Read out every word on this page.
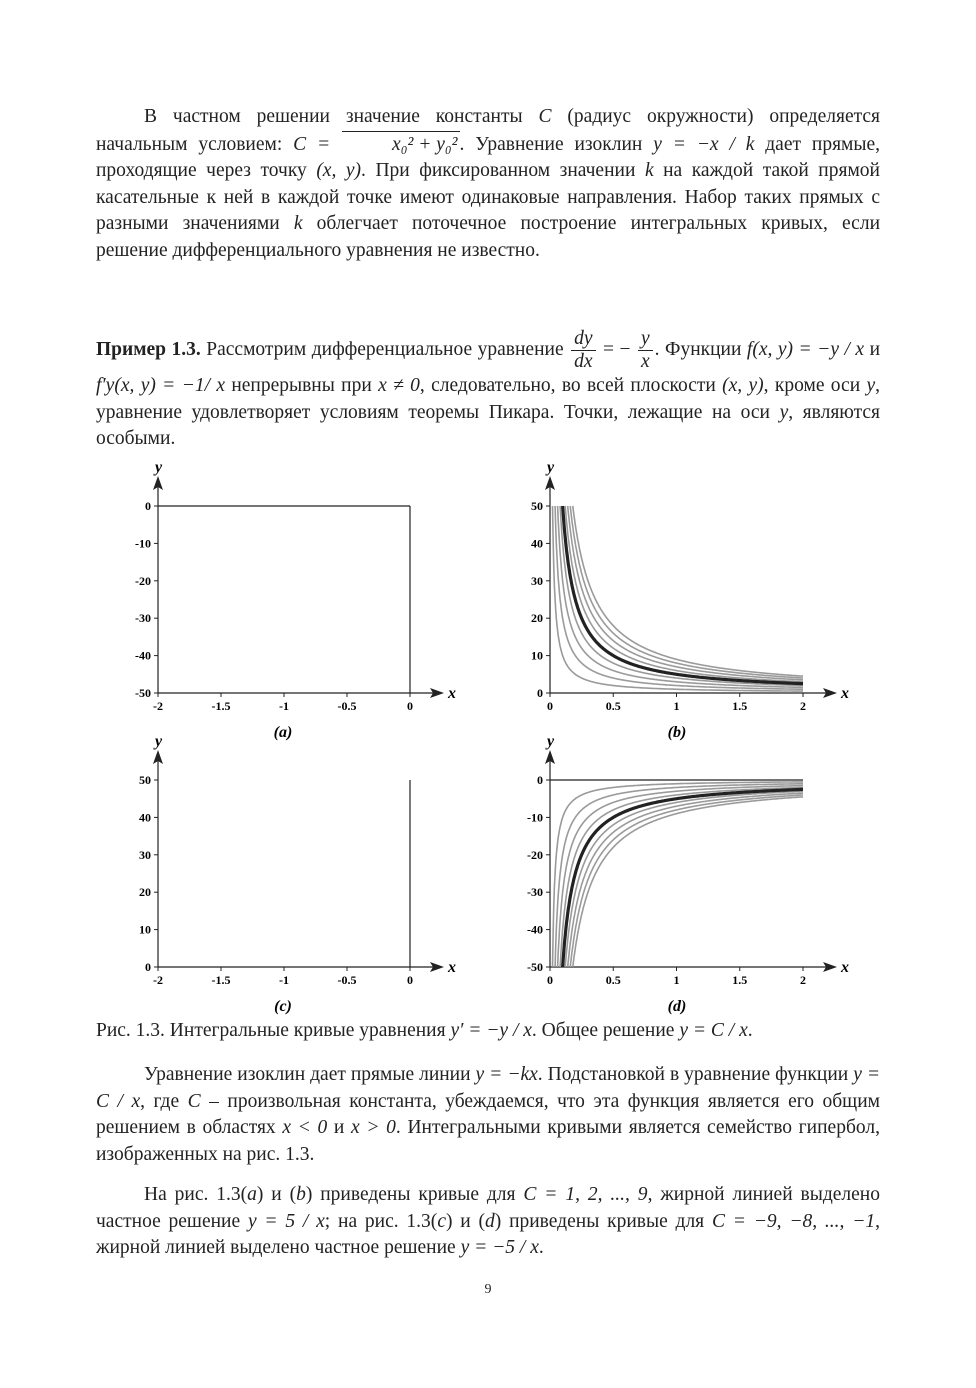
В частном решении значение константы C (радиус окружности) определяется начальным условием: C =	x₀² + y₀² . Уравнение изоклин y = −x / k дает прямые, проходящие через точку (x, y). При фиксированном значении k на каждой такой прямой касательные к ней в каждой точке имеют одинаковые направления. Набор таких прямых с разными значениями k облегчает поточечное построение интегральных кривых, если решение дифференциального уравнения не известно.

Пример 1.3. Рассмотрим дифференциальное уравнение $\frac{dy}{dx}$ = − $\frac{y}{x}$ . Функции f(x, y) = −y / x и f′y(x, y) = −1/ x непрерывны при x ≠ 0, следовательно, во всей плоскости (x, y), кроме оси y, уравнение удовлетворяет условиям теоремы Пикара. Точки, лежащие на оси y, являются особыми.

x
y
0
-10
-20
-30
-40
-50
-2	-1.5	-1	-0.5	0
(a)
x
y
50
40
30
20
10
0
0	0.5	1	1.5	2
(b)
x
y
50
40
30
20
10
0
-2	-1.5	-1	-0.5	0
(c)
x
y
0
-10
-20
-30
-40
-50
0	0.5	1	1.5	2
(d)
Рис. 1.3. Интегральные кривые уравнения y′ = −y / x. Общее решение y = C / x.

Уравнение изоклин дает прямые линии y = −kx. Подстановкой в уравнение функции y = C / x, где C – произвольная константа, убеждаемся, что эта функция является его общим решением в областях x < 0 и x > 0. Интегральными кривыми является семейство гипербол, изображенных на рис. 1.3.

На рис. 1.3(a) и (b) приведены кривые для C = 1, 2, ..., 9, жирной линией выделено частное решение y = 5 / x; на рис. 1.3(c) и (d) приведены кривые для C = −9, −8, ..., −1, жирной линией выделено частное решение y = −5 / x.

9
